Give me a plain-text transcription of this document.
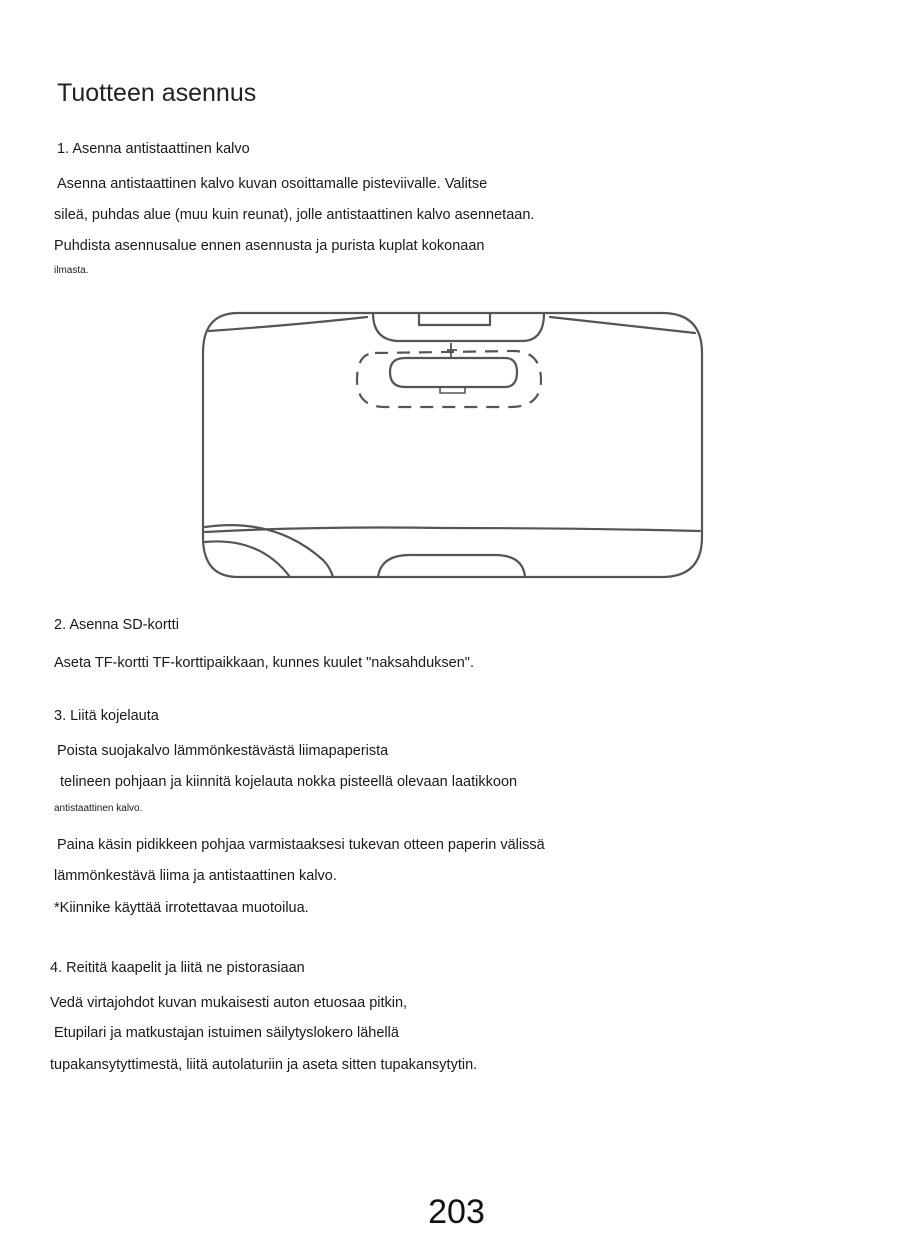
Tuotteen asennus

1. Asenna antistaattinen kalvo

Asenna antistaattinen kalvo kuvan osoittamalle pisteviivalle. Valitse

sileä, puhdas alue (muu kuin reunat), jolle antistaattinen kalvo asennetaan.

Puhdista asennusalue ennen asennusta ja purista kuplat kokonaan

ilmasta.

2. Asenna SD-kortti

Aseta TF-kortti TF-korttipaikkaan, kunnes kuulet "naksahduksen".

3. Liitä kojelauta

Poista suojakalvo lämmönkestävästä liimapaperista

telineen pohjaan ja kiinnitä kojelauta nokka pisteellä olevaan laatikkoon

antistaattinen kalvo.

Paina käsin pidikkeen pohjaa varmistaaksesi tukevan otteen paperin välissä

lämmönkestävä liima ja antistaattinen kalvo.

*Kiinnike käyttää irrotettavaa muotoilua.

4. Reititä kaapelit ja liitä ne pistorasiaan

Vedä virtajohdot kuvan mukaisesti auton etuosaa pitkin,

Etupilari ja matkustajan istuimen säilytyslokero lähellä

tupakansytyttimestä, liitä autolaturiin ja aseta sitten tupakansytytin.

203
